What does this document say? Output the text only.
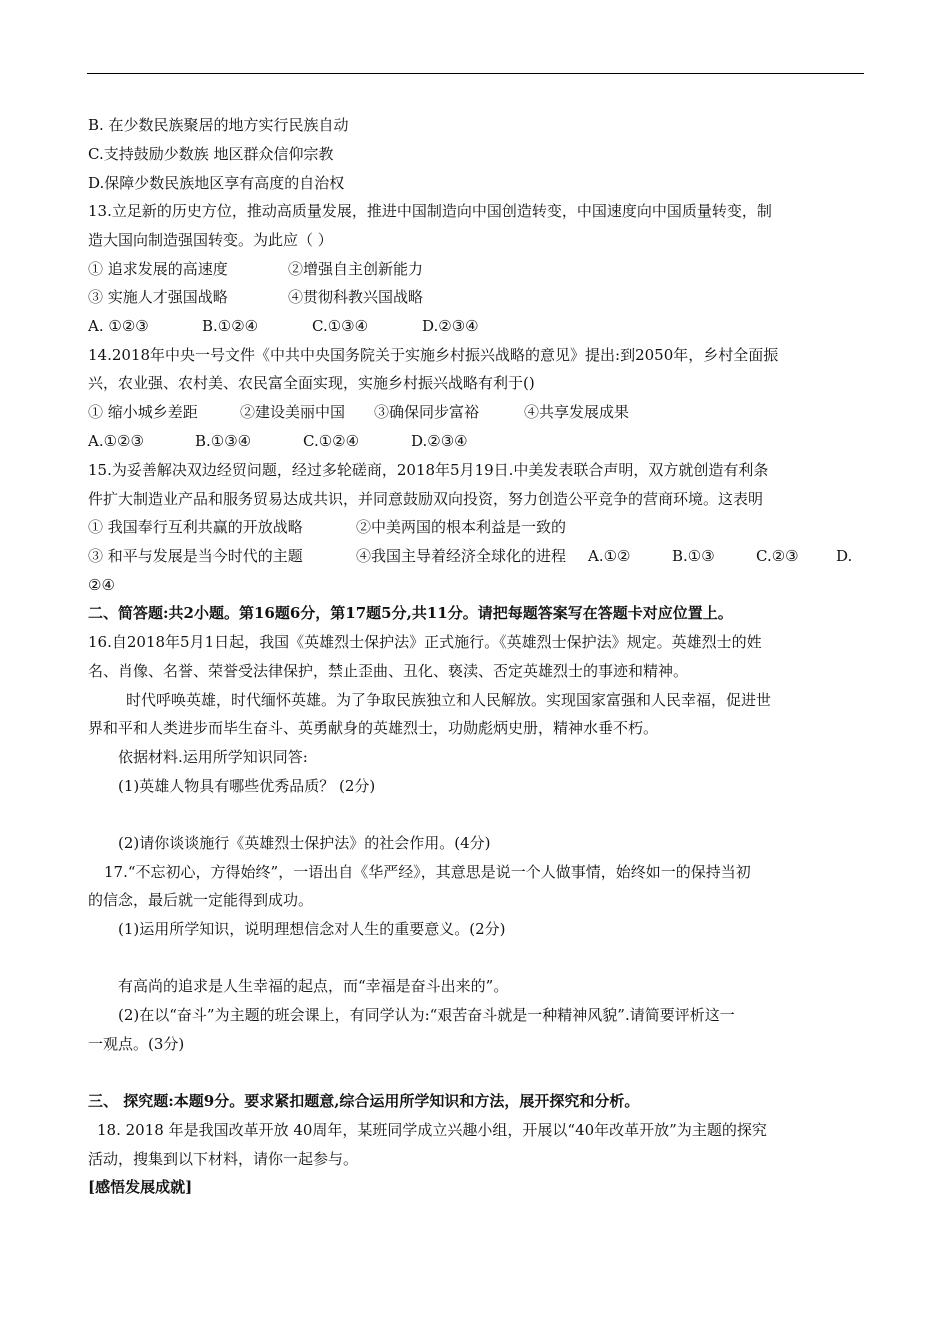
B. 在少数民族聚居的地方实行民族自动
C.支持鼓励少数族 地区群众信仰宗教
D.保障少数民族地区享有高度的自治权
13.立足新的历史方位，推动高质量发展，推进中国制造向中国创造转变，中国速度向中国质量转变，制
造大国向制造强国转变。为此应（ ）
① 追求发展的高速度	②增强自主创新能力
③ 实施人才强国战略	④贯彻科教兴国战略
A. ①②③	B.①②④	C.①③④	D.②③④
14.2018年中央一号文件《中共中央国务院关于实施乡村振兴战略的意见》提出:到2050年，乡村全面振
兴，农业强、农村美、农民富全面实现，实施乡村振兴战略有利于()
① 缩小城乡差距	②建设美丽中国 ③确保同步富裕	④共享发展成果
A.①②③	B.①③④	C.①②④	D.②③④
15.为妥善解决双边经贸问题，经过多轮磋商，2018年5月19日.中美发表联合声明，双方就创造有利条
件扩大制造业产品和服务贸易达成共识，并同意鼓励双向投资，努力创造公平竞争的营商环境。这表明
① 我国奉行互利共赢的开放战略	②中美两国的根本利益是一致的
③ 和平与发展是当今时代的主题	④我国主导着经济全球化的进程 A.①②	B.①③	C.②③ D.
②④
二、简答题:共2小题。第16题6分，第17题5分,共11分。请把每题答案写在答题卡对应位置上。
16.自2018年5月1日起，我国《英雄烈士保护法》正式施行。《英雄烈士保护法》规定。英雄烈士的姓
名、肖像、名誉、荣誉受法律保护，禁止歪曲、丑化、亵渎、否定英雄烈士的事迹和精神。
时代呼唤英雄，时代缅怀英雄。为了争取民族独立和人民解放。实现国家富强和人民幸福，促进世
界和平和人类进步而毕生奋斗、英勇献身的英雄烈士，功勋彪炳史册，精神水垂不朽。
依据材料.运用所学知识同答:
(1)英雄人物具有哪些优秀品质？ (2分)
(2)请你谈谈施行《英雄烈士保护法》的社会作用。(4分)
17.“不忘初心，方得始终”，一语出自《华严经》，其意思是说一个人做事情，始终如一的保持当初
的信念，最后就一定能得到成功。
(1)运用所学知识，说明理想信念对人生的重要意义。(2分)
有高尚的追求是人生幸福的起点，而“幸福是奋斗出来的”。
(2)在以“奋斗”为主题的班会课上，有同学认为:“艰苦奋斗就是一种精神风貌”.请简要评析这一
一观点。(3分)
三、 探究题:本题9分。要求紧扣题意,综合运用所学知识和方法，展开探究和分析。
18. 2018 年是我国改革开放 40周年，某班同学成立兴趣小组，开展以“40年改革开放”为主题的探究
活动，搜集到以下材料，请你一起参与。
[感悟发展成就]
